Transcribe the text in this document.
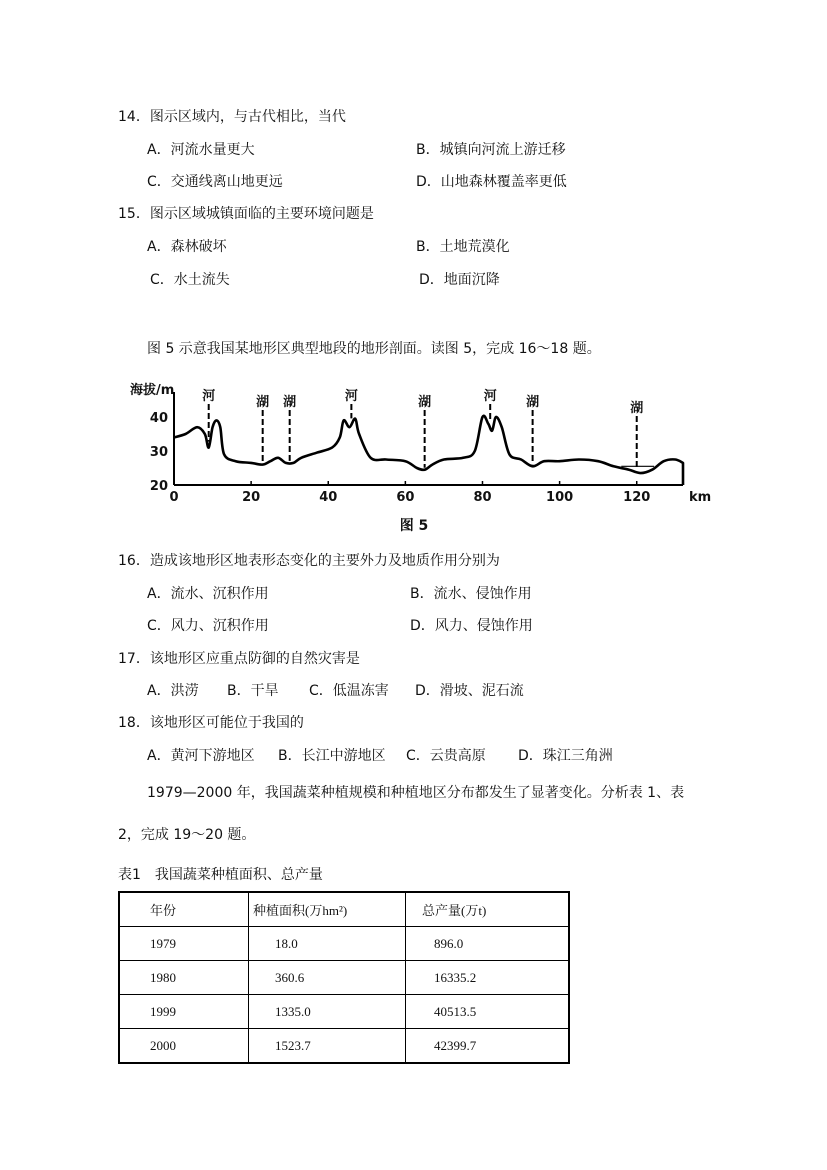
14．图示区域内，与古代相比，当代
A．河流水量更大	B．城镇向河流上游迁移
C．交通线离山地更远	D．山地森林覆盖率更低
15．图示区域城镇面临的主要环境问题是
A．森林破坏	B．土地荒漠化
C．水土流失	D．地面沉降
图 5 示意我国某地形区典型地段的地形剖面。读图 5，完成 16～18 题。
海拔/m
40
30
20
0	20	40	60	80	100	120	km
河	湖 湖	河	湖	河 湖	湖
图 5
16．造成该地形区地表形态变化的主要外力及地质作用分别为
A．流水、沉积作用	B．流水、侵蚀作用
C．风力、沉积作用	D．风力、侵蚀作用
17．该地形区应重点防御的自然灾害是
A．洪涝 B．干旱 C．低温冻害 D．滑坡、泥石流
18．该地形区可能位于我国的
A．黄河下游地区 B．长江中游地区 C．云贵高原 D．珠江三角洲
1979—2000 年，我国蔬菜种植规模和种植地区分布都发生了显著变化。分析表 1、表
2，完成 19～20 题。
表1　我国蔬菜种植面积、总产量
年份	种植面积(万hm²)	总产量(万t)
1979	18.0	896.0
1980	360.6	16335.2
1999	1335.0	40513.5
2000	1523.7	42399.7
